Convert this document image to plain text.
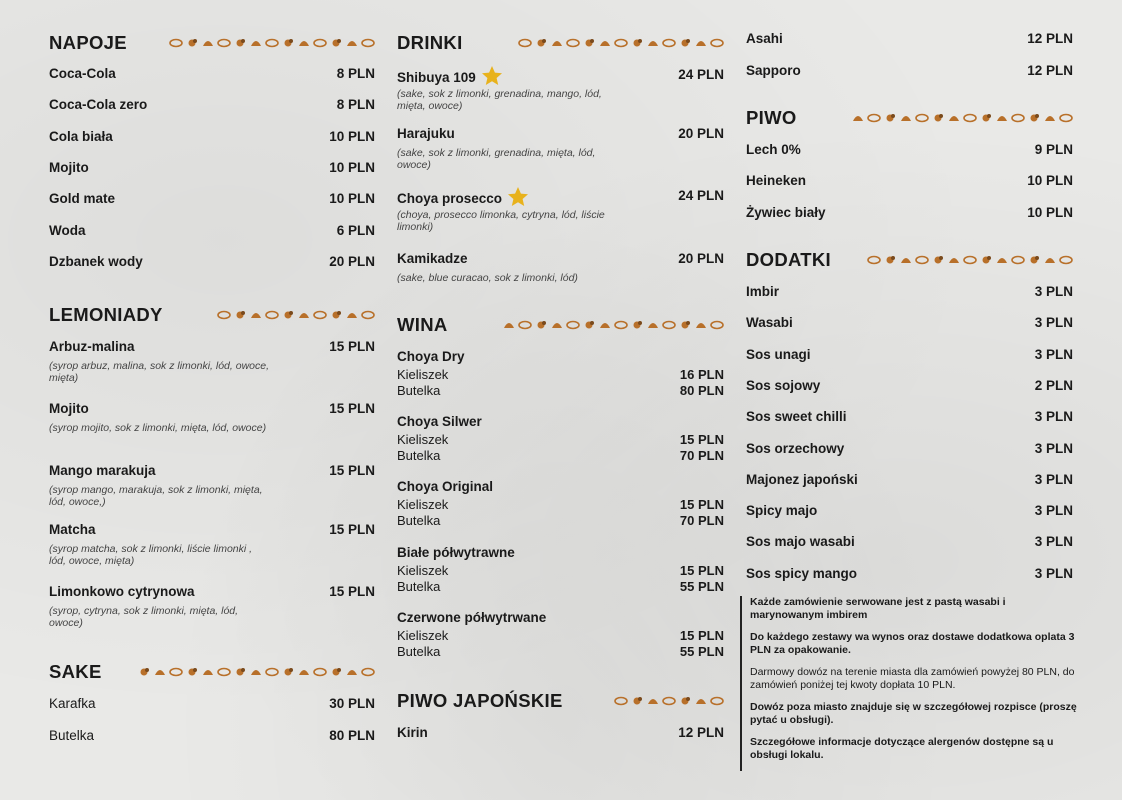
NAPOJE
Coca-Cola	8 PLN
Coca-Cola zero	8 PLN
Cola biała	10 PLN
Mojito	10 PLN
Gold mate	10 PLN
Woda	6 PLN
Dzbanek wody	20 PLN
LEMONIADY
Arbuz-malina	15 PLN
(syrop arbuz, malina, sok z limonki, lód, owoce, mięta)
Mojito	15 PLN
(syrop mojito, sok z limonki, mięta, lód, owoce)
Mango marakuja	15 PLN
(syrop mango, marakuja, sok z limonki, mięta, lód, owoce,)
Matcha	15 PLN
(syrop matcha, sok z limonki, liście limonki , lód, owoce, mięta)
Limonkowo cytrynowa	15 PLN
(syrop, cytryna, sok z limonki, mięta, lód, owoce)
SAKE
Karafka	30 PLN
Butelka	80 PLN
DRINKI
Shibuya 109	24 PLN
(sake, sok z limonki, grenadina, mango, lód, mięta, owoce)
Harajuku	20 PLN
(sake, sok z limonki, grenadina, mięta, lód, owoce)
Choya prosecco	24 PLN
(choya, prosecco limonka, cytryna, lód, liście limonki)
Kamikadze	20 PLN
(sake, blue curacao, sok z limonki, lód)
WINA
Choya Dry
Kieliszek	16 PLN
Butelka	80 PLN
Choya Silwer
Kieliszek	15 PLN
Butelka	70 PLN
Choya Original
Kieliszek	15 PLN
Butelka	70 PLN
Białe półwytrawne
Kieliszek	15 PLN
Butelka	55 PLN
Czerwone półwytrwane
Kieliszek	15 PLN
Butelka	55 PLN
PIWO JAPOŃSKIE
Kirin	12 PLN
Asahi	12 PLN
Sapporo	12 PLN
PIWO
Lech 0%	9 PLN
Heineken	10 PLN
Żywiec biały	10 PLN
DODATKI
Imbir	3 PLN
Wasabi	3 PLN
Sos unagi	3 PLN
Sos sojowy	2 PLN
Sos sweet chilli	3 PLN
Sos orzechowy	3 PLN
Majonez japoński	3 PLN
Spicy majo	3 PLN
Sos majo wasabi	3 PLN
Sos spicy mango	3 PLN

Każde zamówienie serwowane jest z pastą wasabi i marynowanym imbirem

Do każdego zestawy wa wynos oraz dostawe dodatkowa oplata 3 PLN za opakowanie.

Darmowy dowóz na terenie miasta dla zamówień powyżej 80 PLN, do zamówień poniżej tej kwoty dopłata 10 PLN.

Dowóz poza miasto znajduje się w szczegółowej rozpisce (proszę pytać u obsługi).

Szczegółowe informacje dotyczące alergenów dostępne są u obsługi lokalu.
